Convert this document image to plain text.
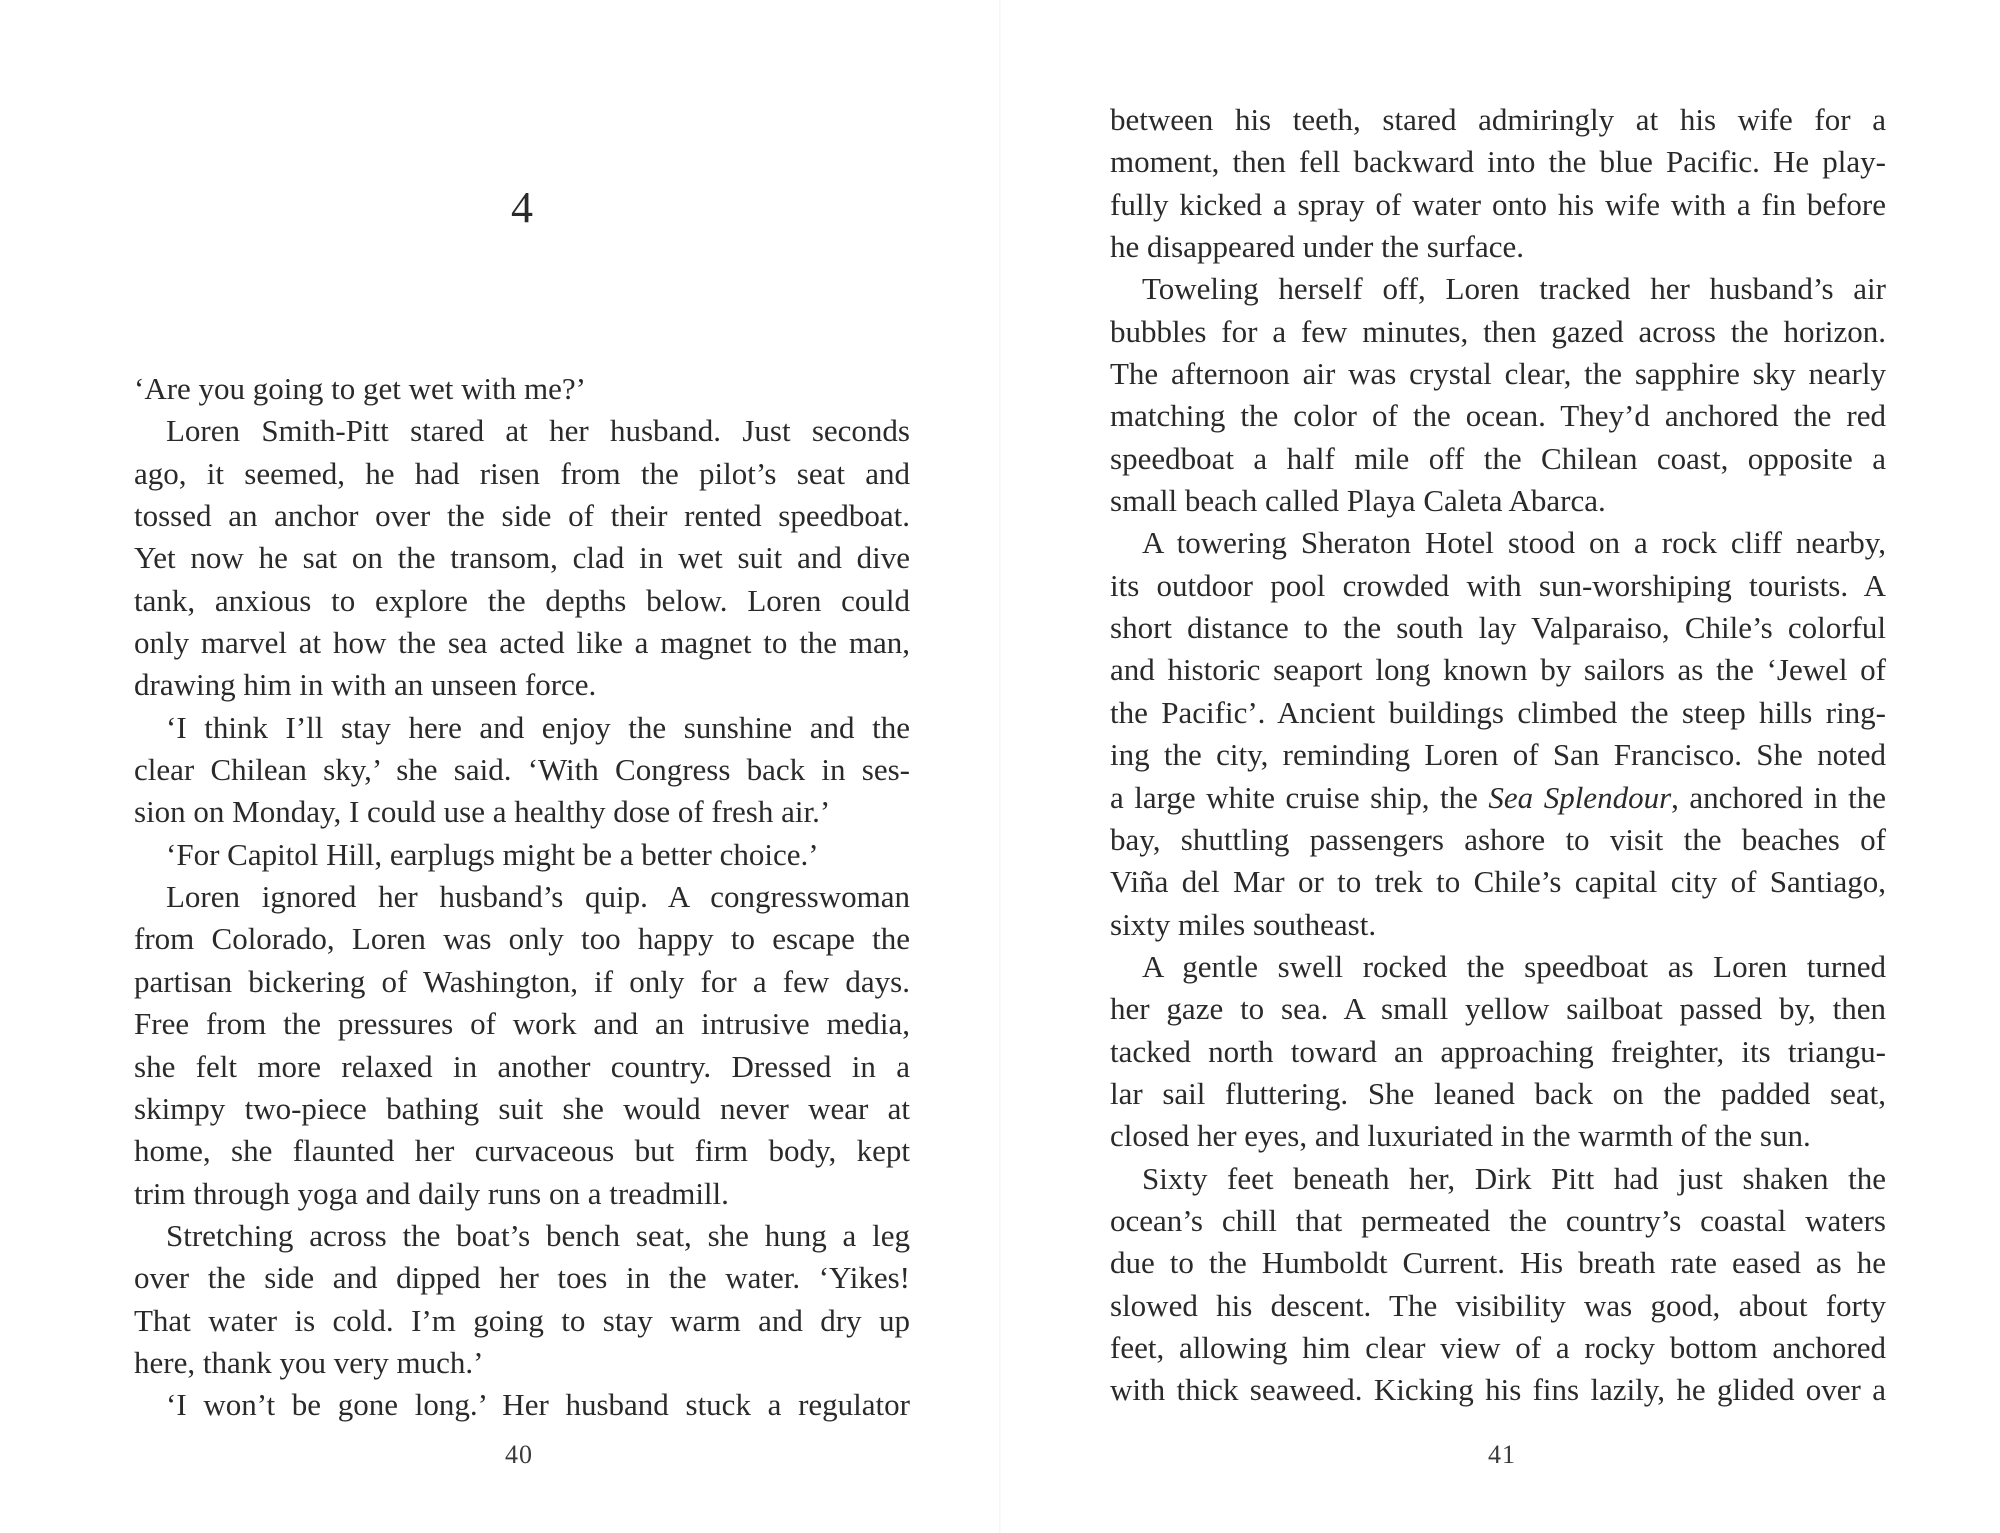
4
‘Are you going to get wet with me?’
Loren Smith-Pitt stared at her husband. Just seconds
ago, it seemed, he had risen from the pilot’s seat and
tossed an anchor over the side of their rented speedboat.
Yet now he sat on the transom, clad in wet suit and dive
tank, anxious to explore the depths below. Loren could
only marvel at how the sea acted like a magnet to the man,
drawing him in with an unseen force.
‘I think I’ll stay here and enjoy the sunshine and the
clear Chilean sky,’ she said. ‘With Congress back in ses-
sion on Monday, I could use a healthy dose of fresh air.’
‘For Capitol Hill, earplugs might be a better choice.’
Loren ignored her husband’s quip. A congresswoman
from Colorado, Loren was only too happy to escape the
partisan bickering of Washington, if only for a few days.
Free from the pressures of work and an intrusive media,
she felt more relaxed in another country. Dressed in a
skimpy two-piece bathing suit she would never wear at
home, she flaunted her curvaceous but firm body, kept
trim through yoga and daily runs on a treadmill.
Stretching across the boat’s bench seat, she hung a leg
over the side and dipped her toes in the water. ‘Yikes!
That water is cold. I’m going to stay warm and dry up
here, thank you very much.’
‘I won’t be gone long.’ Her husband stuck a regulator
40
between his teeth, stared admiringly at his wife for a
moment, then fell backward into the blue Pacific. He play-
fully kicked a spray of water onto his wife with a fin before
he disappeared under the surface.
Toweling herself off, Loren tracked her husband’s air
bubbles for a few minutes, then gazed across the horizon.
The afternoon air was crystal clear, the sapphire sky nearly
matching the color of the ocean. They’d anchored the red
speedboat a half mile off the Chilean coast, opposite a
small beach called Playa Caleta Abarca.
A towering Sheraton Hotel stood on a rock cliff nearby,
its outdoor pool crowded with sun-worshiping tourists. A
short distance to the south lay Valparaiso, Chile’s colorful
and historic seaport long known by sailors as the ‘Jewel of
the Pacific’. Ancient buildings climbed the steep hills ring-
ing the city, reminding Loren of San Francisco. She noted
a large white cruise ship, the Sea Splendour, anchored in the
bay, shuttling passengers ashore to visit the beaches of
Viña del Mar or to trek to Chile’s capital city of Santiago,
sixty miles southeast.
A gentle swell rocked the speedboat as Loren turned
her gaze to sea. A small yellow sailboat passed by, then
tacked north toward an approaching freighter, its triangu-
lar sail fluttering. She leaned back on the padded seat,
closed her eyes, and luxuriated in the warmth of the sun.
Sixty feet beneath her, Dirk Pitt had just shaken the
ocean’s chill that permeated the country’s coastal waters
due to the Humboldt Current. His breath rate eased as he
slowed his descent. The visibility was good, about forty
feet, allowing him clear view of a rocky bottom anchored
with thick seaweed. Kicking his fins lazily, he glided over a
41
